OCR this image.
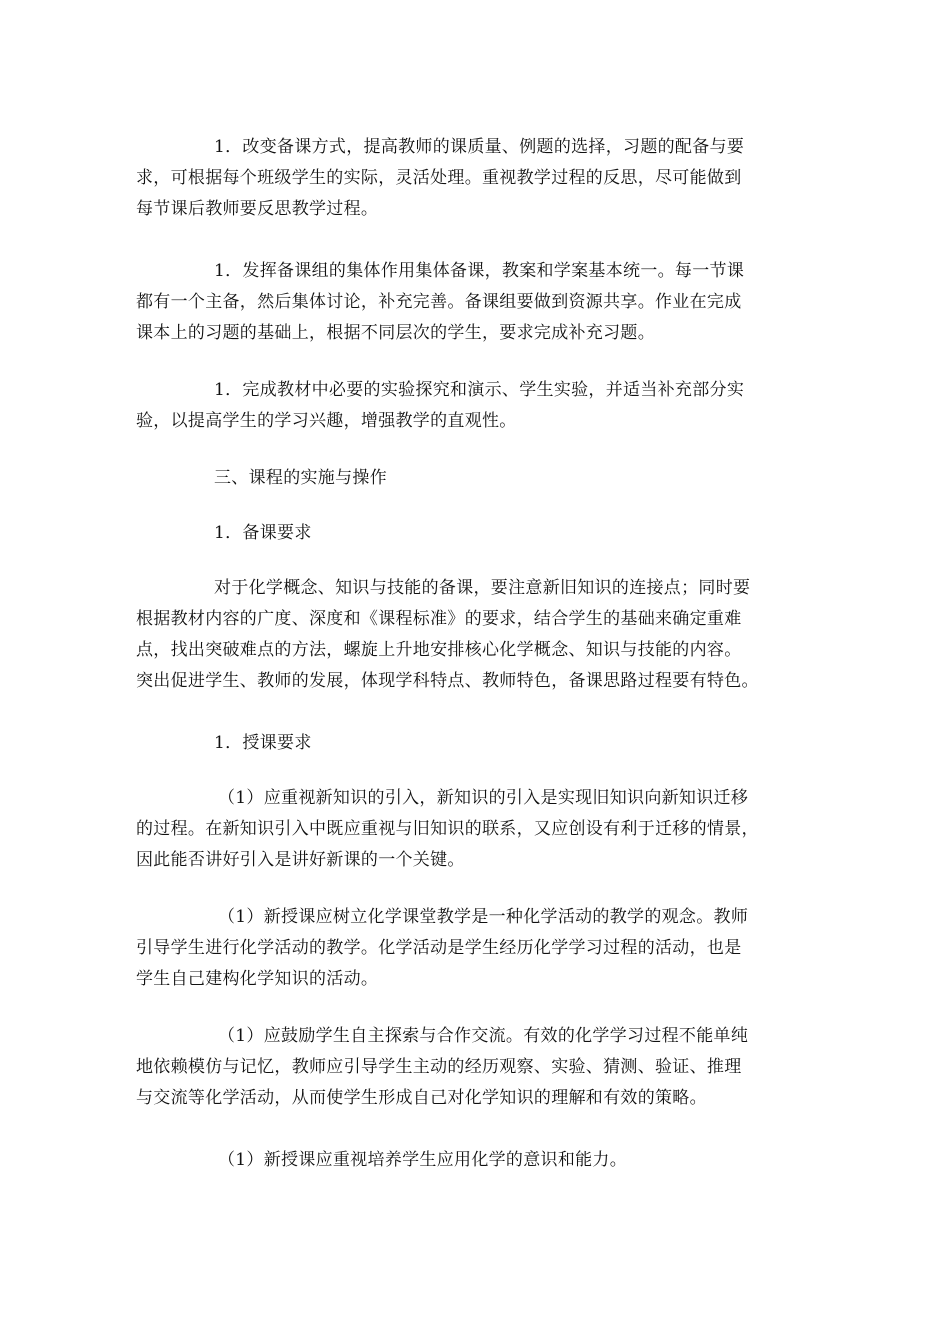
1．改变备课方式，提高教师的课质量、例题的选择，习题的配备与要
求，可根据每个班级学生的实际，灵活处理。重视教学过程的反思，尽可能做到
每节课后教师要反思教学过程。

1．发挥备课组的集体作用集体备课，教案和学案基本统一。每一节课
都有一个主备，然后集体讨论，补充完善。备课组要做到资源共享。作业在完成
课本上的习题的基础上，根据不同层次的学生，要求完成补充习题。

1．完成教材中必要的实验探究和演示、学生实验，并适当补充部分实
验，以提高学生的学习兴趣，增强教学的直观性。

三、课程的实施与操作

1．备课要求

对于化学概念、知识与技能的备课，要注意新旧知识的连接点；同时要
根据教材内容的广度、深度和《课程标准》的要求，结合学生的基础来确定重难
点，找出突破难点的方法，螺旋上升地安排核心化学概念、知识与技能的内容。
突出促进学生、教师的发展，体现学科特点、教师特色，备课思路过程要有特色。

1．授课要求

（1）应重视新知识的引入，新知识的引入是实现旧知识向新知识迁移
的过程。在新知识引入中既应重视与旧知识的联系，又应创设有利于迁移的情景，
因此能否讲好引入是讲好新课的一个关键。

（1）新授课应树立化学课堂教学是一种化学活动的教学的观念。教师
引导学生进行化学活动的教学。化学活动是学生经历化学学习过程的活动，也是
学生自己建构化学知识的活动。

（1）应鼓励学生自主探索与合作交流。有效的化学学习过程不能单纯
地依赖模仿与记忆，教师应引导学生主动的经历观察、实验、猜测、验证、推理
与交流等化学活动，从而使学生形成自己对化学知识的理解和有效的策略。

（1）新授课应重视培养学生应用化学的意识和能力。
